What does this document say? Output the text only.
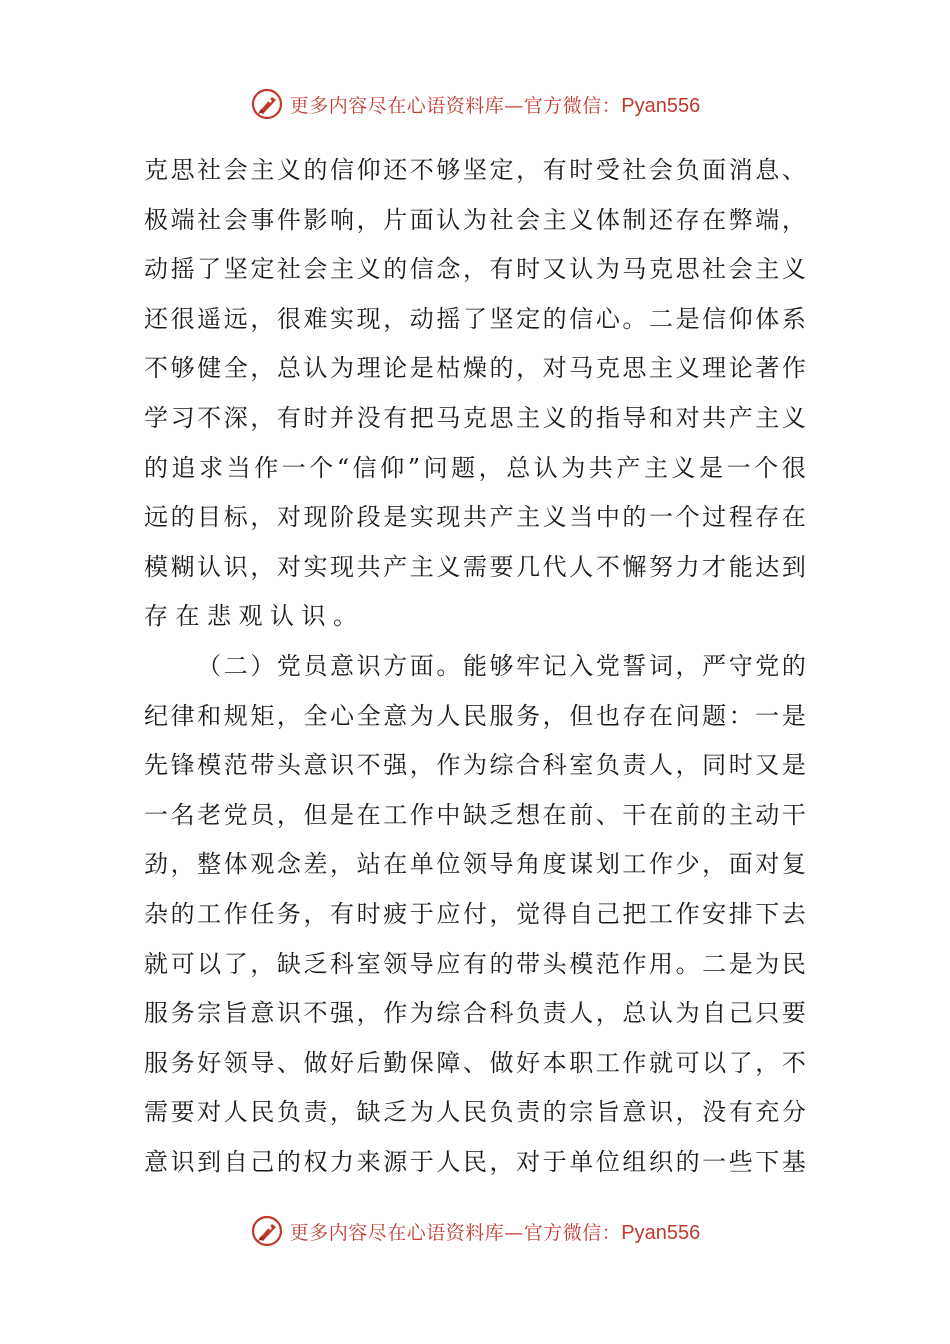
更多内容尽在心语资料库—官方微信：Pyan556
克 思 社 会 主 义 的 信 仰 还 不 够 坚 定 ， 有 时 受 社 会 负 面 消 息 、
极 端 社 会 事 件 影 响 ， 片 面 认 为 社 会 主 义 体 制 还 存 在 弊 端 ，
动 摇 了 坚 定 社 会 主 义 的 信 念 ， 有 时 又 认 为 马 克 思 社 会 主 义
还 很 遥 远 ， 很 难 实 现 ， 动 摇 了 坚 定 的 信 心 。 二 是 信 仰 体 系
不 够 健 全 ， 总 认 为 理 论 是 枯 燥 的 ， 对 马 克 思 主 义 理 论 著 作
学 习 不 深 ， 有 时 并 没 有 把 马 克 思 主 义 的 指 导 和 对 共 产 主 义
的 追 求 当 作 一 个 “ 信 仰 ” 问 题 ， 总 认 为 共 产 主 义 是 一 个 很
远 的 目 标 ， 对 现 阶 段 是 实 现 共 产 主 义 当 中 的 一 个 过 程 存 在
模 糊 认 识 ， 对 实 现 共 产 主 义 需 要 几 代 人 不 懈 努 力 才 能 达 到
存在悲观认识。

（ 二 ） 党 员 意 识 方 面 。 能 够 牢 记 入 党 誓 词 ， 严 守 党 的
纪 律 和 规 矩 ， 全 心 全 意 为 人 民 服 务 ， 但 也 存 在 问 题 ： 一 是
先 锋 模 范 带 头 意 识 不 强 ， 作 为 综 合 科 室 负 责 人 ， 同 时 又 是
一 名 老 党 员 ， 但 是 在 工 作 中 缺 乏 想 在 前 、 干 在 前 的 主 动 干
劲 ， 整 体 观 念 差 ， 站 在 单 位 领 导 角 度 谋 划 工 作 少 ， 面 对 复
杂 的 工 作 任 务 ， 有 时 疲 于 应 付 ， 觉 得 自 己 把 工 作 安 排 下 去
就 可 以 了 ， 缺 乏 科 室 领 导 应 有 的 带 头 模 范 作 用 。 二 是 为 民
服 务 宗 旨 意 识 不 强 ， 作 为 综 合 科 负 责 人 ， 总 认 为 自 己 只 要
服 务 好 领 导 、 做 好 后 勤 保 障 、 做 好 本 职 工 作 就 可 以 了 ， 不
需 要 对 人 民 负 责 ， 缺 乏 为 人 民 负 责 的 宗 旨 意 识 ， 没 有 充 分
意 识 到 自 己 的 权 力 来 源 于 人 民 ， 对 于 单 位 组 织 的 一 些 下 基
更多内容尽在心语资料库—官方微信：Pyan556
